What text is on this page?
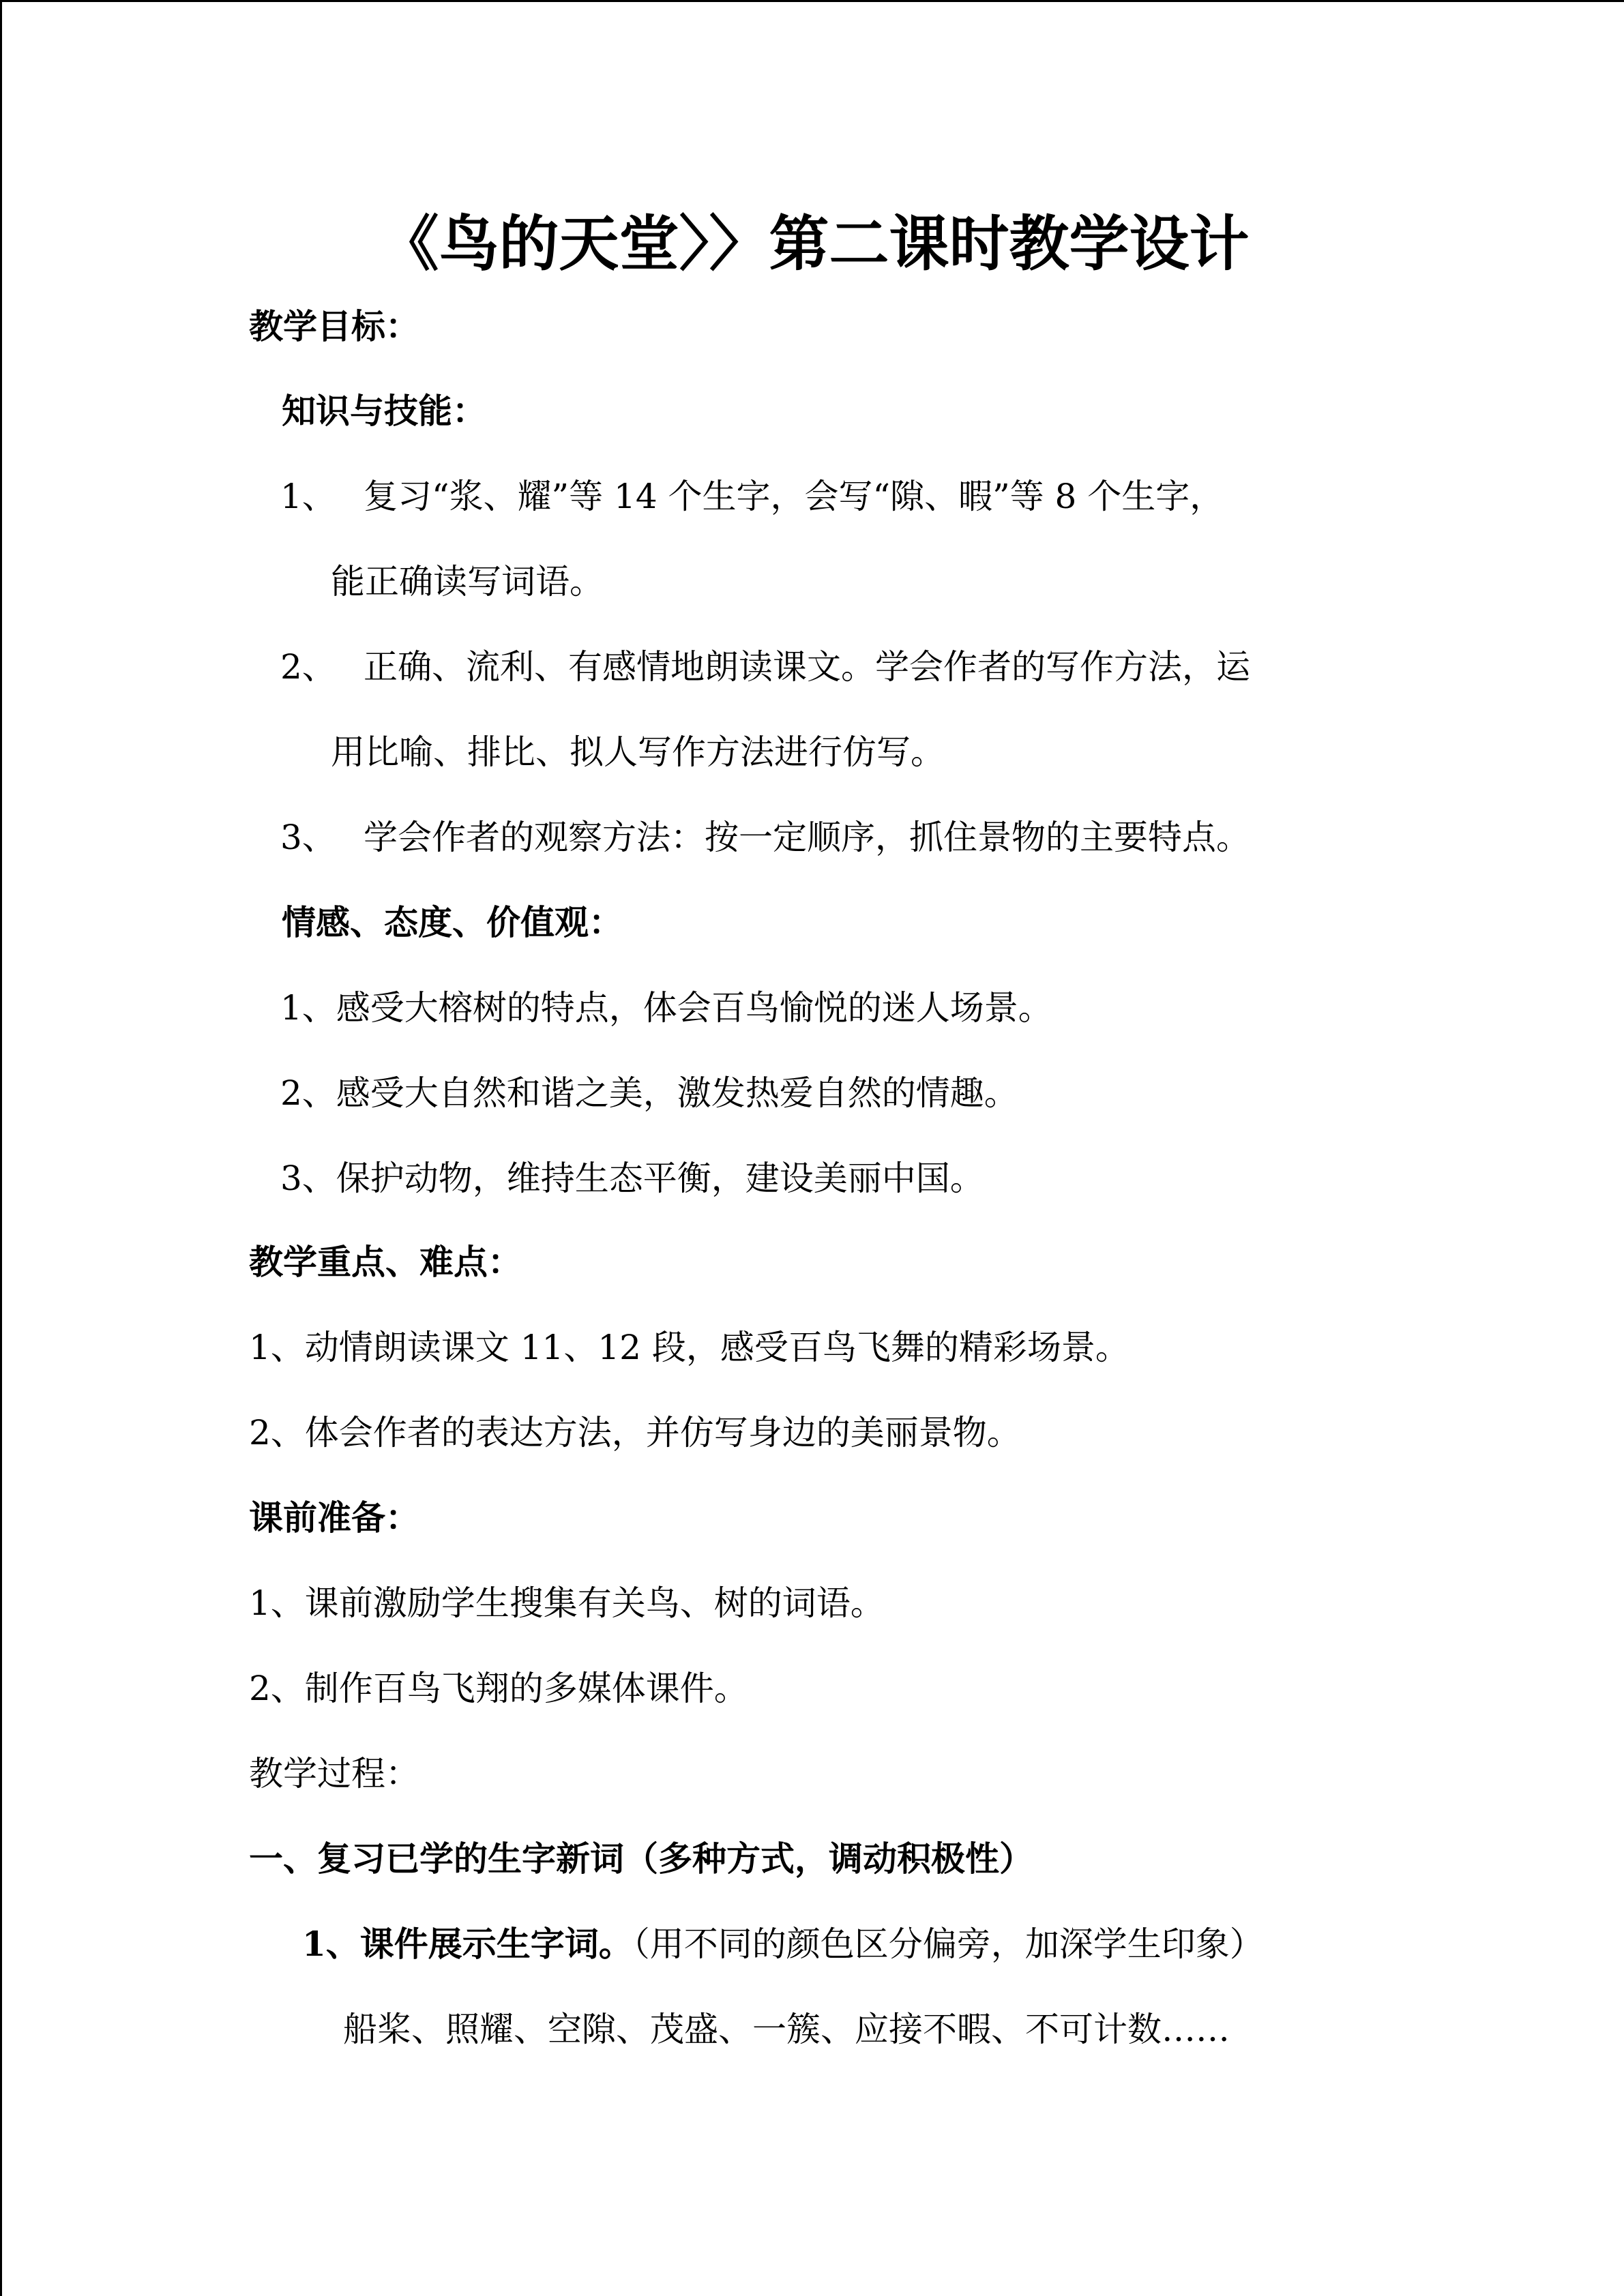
《鸟的天堂〉〉第二课时教学设计
教学目标：
知识与技能：
1、 复习“浆、耀”等 14 个生字，会写“隙、暇”等 8 个生字，
能正确读写词语。
2、 正确、流利、有感情地朗读课文。学会作者的写作方法，运
用比喻、排比、拟人写作方法进行仿写。
3、 学会作者的观察方法：按一定顺序，抓住景物的主要特点。
情感、态度、价值观：
1、感受大榕树的特点，体会百鸟愉悦的迷人场景。
2、感受大自然和谐之美，激发热爱自然的情趣。
3、保护动物，维持生态平衡，建设美丽中国。
教学重点、难点：
1、动情朗读课文 11、12 段，感受百鸟飞舞的精彩场景。
2、体会作者的表达方法，并仿写身边的美丽景物。
课前准备：
1、课前激励学生搜集有关鸟、树的词语。
2、制作百鸟飞翔的多媒体课件。
教学过程：
一、复习已学的生字新词（多种方式，调动积极性）
1、课件展示生字词。（用不同的颜色区分偏旁，加深学生印象）
船桨、照耀、空隙、茂盛、一簇、应接不暇、不可计数……
